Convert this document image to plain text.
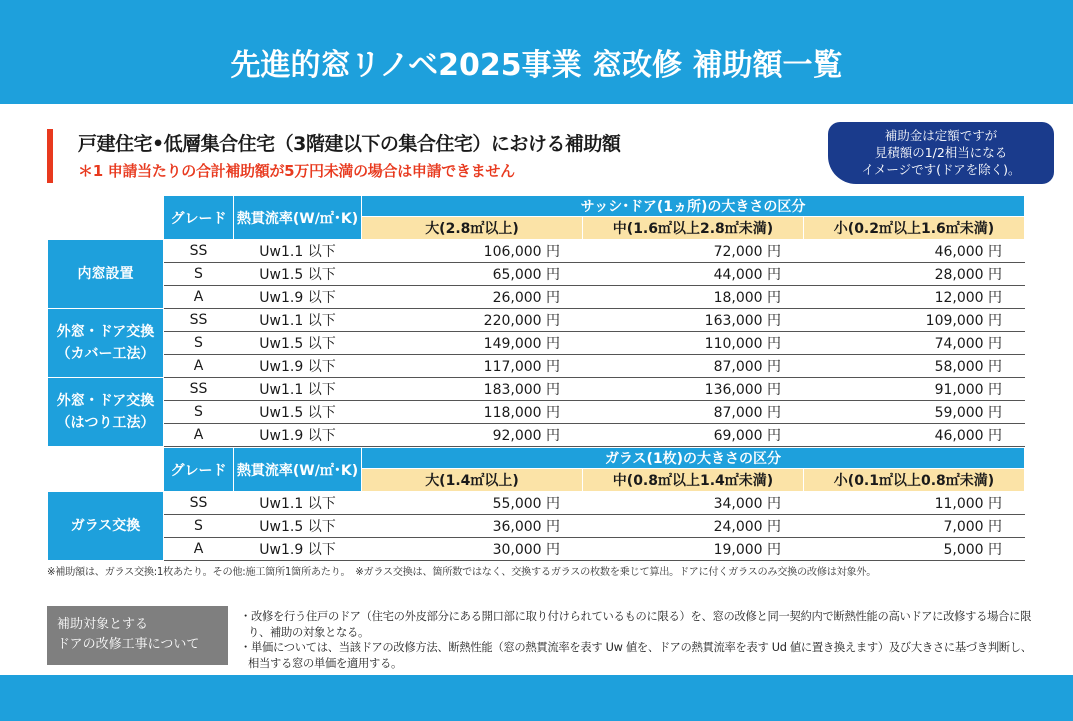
先進的窓リノベ2025事業 窓改修 補助額一覧
戸建住宅•低層集合住宅（3階建以下の集合住宅）における補助額
＊1 申請当たりの合計補助額が5万円未満の場合は申請できません
補助金は定額ですが
見積額の1/2相当になる
イメージです(ドアを除く)。
	グレード	熱貫流率(W/㎡･K)	サッシ･ドア(1ヵ所)の大きさの区分		
			大(2.8㎡以上)	中(1.6㎡以上2.8㎡未満)	小(0.2㎡以上1.6㎡未満)

内窓設置	SS	Uw1.1 以下	106,000 円	72,000 円	46,000 円
	S	Uw1.5 以下	65,000 円	44,000 円	28,000 円
	A	Uw1.9 以下	26,000 円	18,000 円	12,000 円

外窓・ドア交換
（カバー工法）	SS	Uw1.1 以下	220,000 円	163,000 円	109,000 円
	S	Uw1.5 以下	149,000 円	110,000 円	74,000 円
	A	Uw1.9 以下	117,000 円	87,000 円	58,000 円

外窓・ドア交換
（はつり工法）	SS	Uw1.1 以下	183,000 円	136,000 円	91,000 円
	S	Uw1.5 以下	118,000 円	87,000 円	59,000 円
	A	Uw1.9 以下	92,000 円	69,000 円	46,000 円
	グレード	熱貫流率(W/㎡･K)	ガラス(1枚)の大きさの区分		
			大(1.4㎡以上)	中(0.8㎡以上1.4㎡未満)	小(0.1㎡以上0.8㎡未満)

ガラス交換	SS	Uw1.1 以下	55,000 円	34,000 円	11,000 円
	S	Uw1.5 以下	36,000 円	24,000 円	7,000 円
	A	Uw1.9 以下	30,000 円	19,000 円	5,000 円
※補助額は、ガラス交換:1枚あたり。その他:施工箇所1箇所あたり。　※ガラス交換は、箇所数ではなく、交換するガラスの枚数を乗じて算出。ドアに付くガラスのみ交換の改修は対象外。
補助対象とする
ドアの改修工事について
・改修を行う住戸のドア（住宅の外皮部分にある開口部に取り付けられているものに限る）を、窓の改修と同一契約内で断熱性能の高いドアに改修する場合に限り、補助の対象となる。
・単価については、当該ドアの改修方法、断熱性能（窓の熱貫流率を表す Uw 値を、ドアの熱貫流率を表す Ud 値に置き換えます）及び大きさに基づき判断し、相当する窓の単価を適用する。
